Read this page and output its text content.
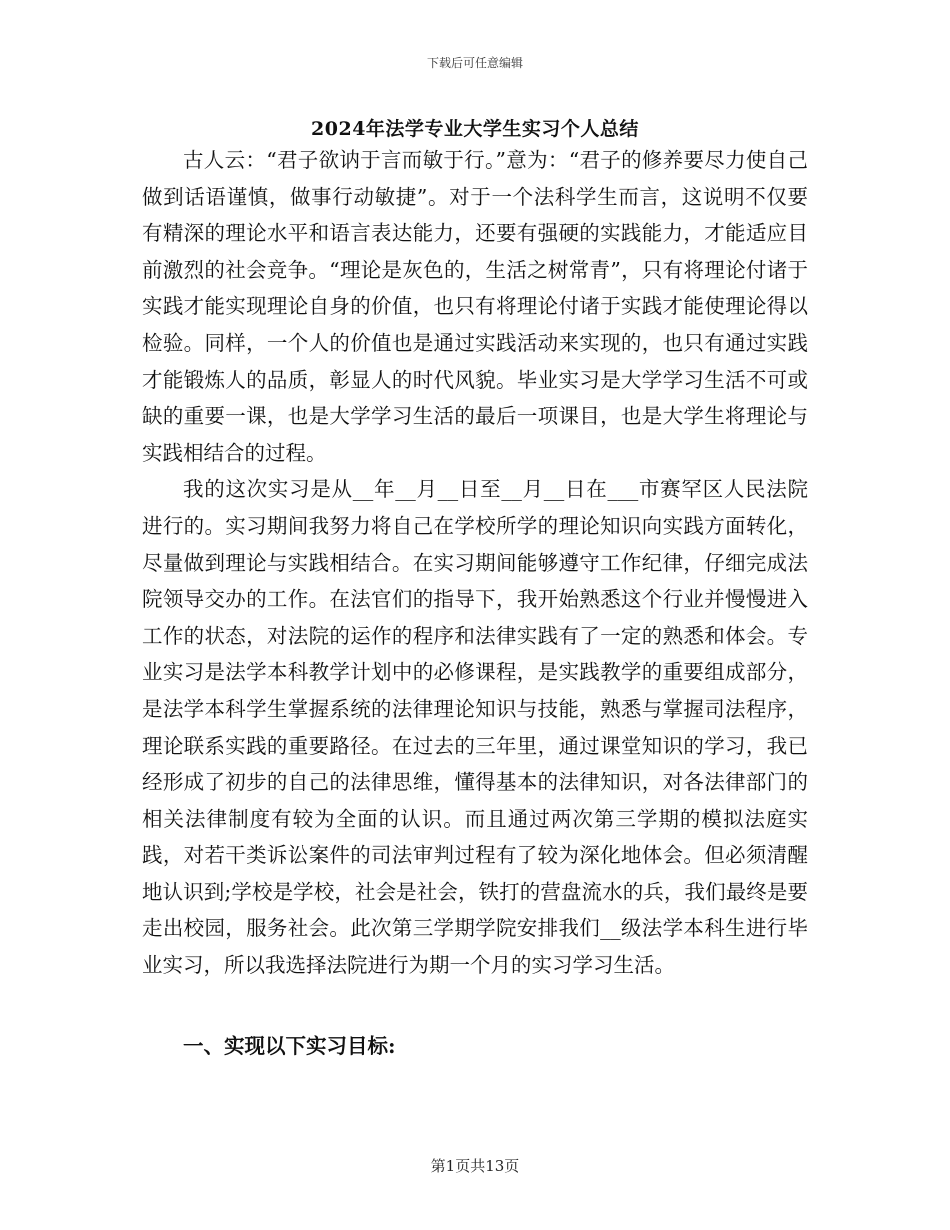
下载后可任意编辑
2024年法学专业大学生实习个人总结

古人云：“君子欲讷于言而敏于行。”意为：“君子的修养要尽力使自己做到话语谨慎，做事行动敏捷”。对于一个法科学生而言，这说明不仅要有精深的理论水平和语言表达能力，还要有强硬的实践能力，才能适应目前激烈的社会竞争。“理论是灰色的，生活之树常青”，只有将理论付诸于实践才能实现理论自身的价值，也只有将理论付诸于实践才能使理论得以检验。同样，一个人的价值也是通过实践活动来实现的，也只有通过实践才能锻炼人的品质，彰显人的时代风貌。毕业实习是大学学习生活不可或缺的重要一课，也是大学学习生活的最后一项课目，也是大学生将理论与实践相结合的过程。

我的这次实习是从__年__月__日至__月__日在___市赛罕区人民法院进行的。实习期间我努力将自己在学校所学的理论知识向实践方面转化，尽量做到理论与实践相结合。在实习期间能够遵守工作纪律，仔细完成法院领导交办的工作。在法官们的指导下，我开始熟悉这个行业并慢慢进入工作的状态，对法院的运作的程序和法律实践有了一定的熟悉和体会。专业实习是法学本科教学计划中的必修课程，是实践教学的重要组成部分，是法学本科学生掌握系统的法律理论知识与技能，熟悉与掌握司法程序，理论联系实践的重要路径。在过去的三年里，通过课堂知识的学习，我已经形成了初步的自己的法律思维，懂得基本的法律知识，对各法律部门的相关法律制度有较为全面的认识。而且通过两次第三学期的模拟法庭实践，对若干类诉讼案件的司法审判过程有了较为深化地体会。但必须清醒地认识到;学校是学校，社会是社会，铁打的营盘流水的兵，我们最终是要走出校园，服务社会。此次第三学期学院安排我们__级法学本科生进行毕业实习，所以我选择法院进行为期一个月的实习学习生活。

一、实现以下实习目标:
第1页共13页
